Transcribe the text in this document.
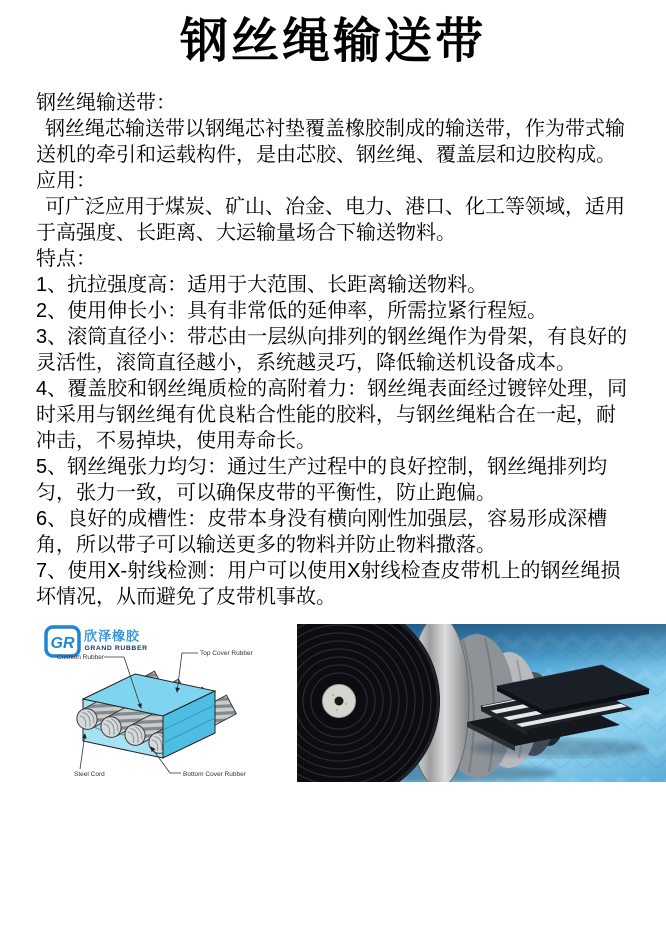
钢丝绳输送带

钢丝绳输送带：

钢丝绳芯输送带以钢绳芯衬垫覆盖橡胶制成的输送带，作为带式输送机的牵引和运载构件，是由芯胶、钢丝绳、覆盖层和边胶构成。

应用：

可广泛应用于煤炭、矿山、冶金、电力、港口、化工等领域，适用于高强度、长距离、大运输量场合下输送物料。

特点：

1、抗拉强度高：适用于大范围、长距离输送物料。

2、使用伸长小：具有非常低的延伸率，所需拉紧行程短。

3、滚筒直径小：带芯由一层纵向排列的钢丝绳作为骨架，有良好的灵活性，滚筒直径越小，系统越灵巧，降低输送机设备成本。

4、覆盖胶和钢丝绳质检的高附着力：钢丝绳表面经过镀锌处理，同时采用与钢丝绳有优良粘合性能的胶料，与钢丝绳粘合在一起，耐冲击，不易掉块，使用寿命长。

5、钢丝绳张力均匀：通过生产过程中的良好控制，钢丝绳排列均匀，张力一致，可以确保皮带的平衡性，防止跑偏。

6、良好的成槽性：皮带本身没有横向刚性加强层，容易形成深槽角，所以带子可以输送更多的物料并防止物料撒落。

7、使用X-射线检测：用户可以使用X射线检查皮带机上的钢丝绳损坏情况，从而避免了皮带机事故。

GR 欣泽橡胶
GRAND RUBBER
Cushion Rubber
Top Cover Rubber
Steel Cord	Bottom Cover Rubber
